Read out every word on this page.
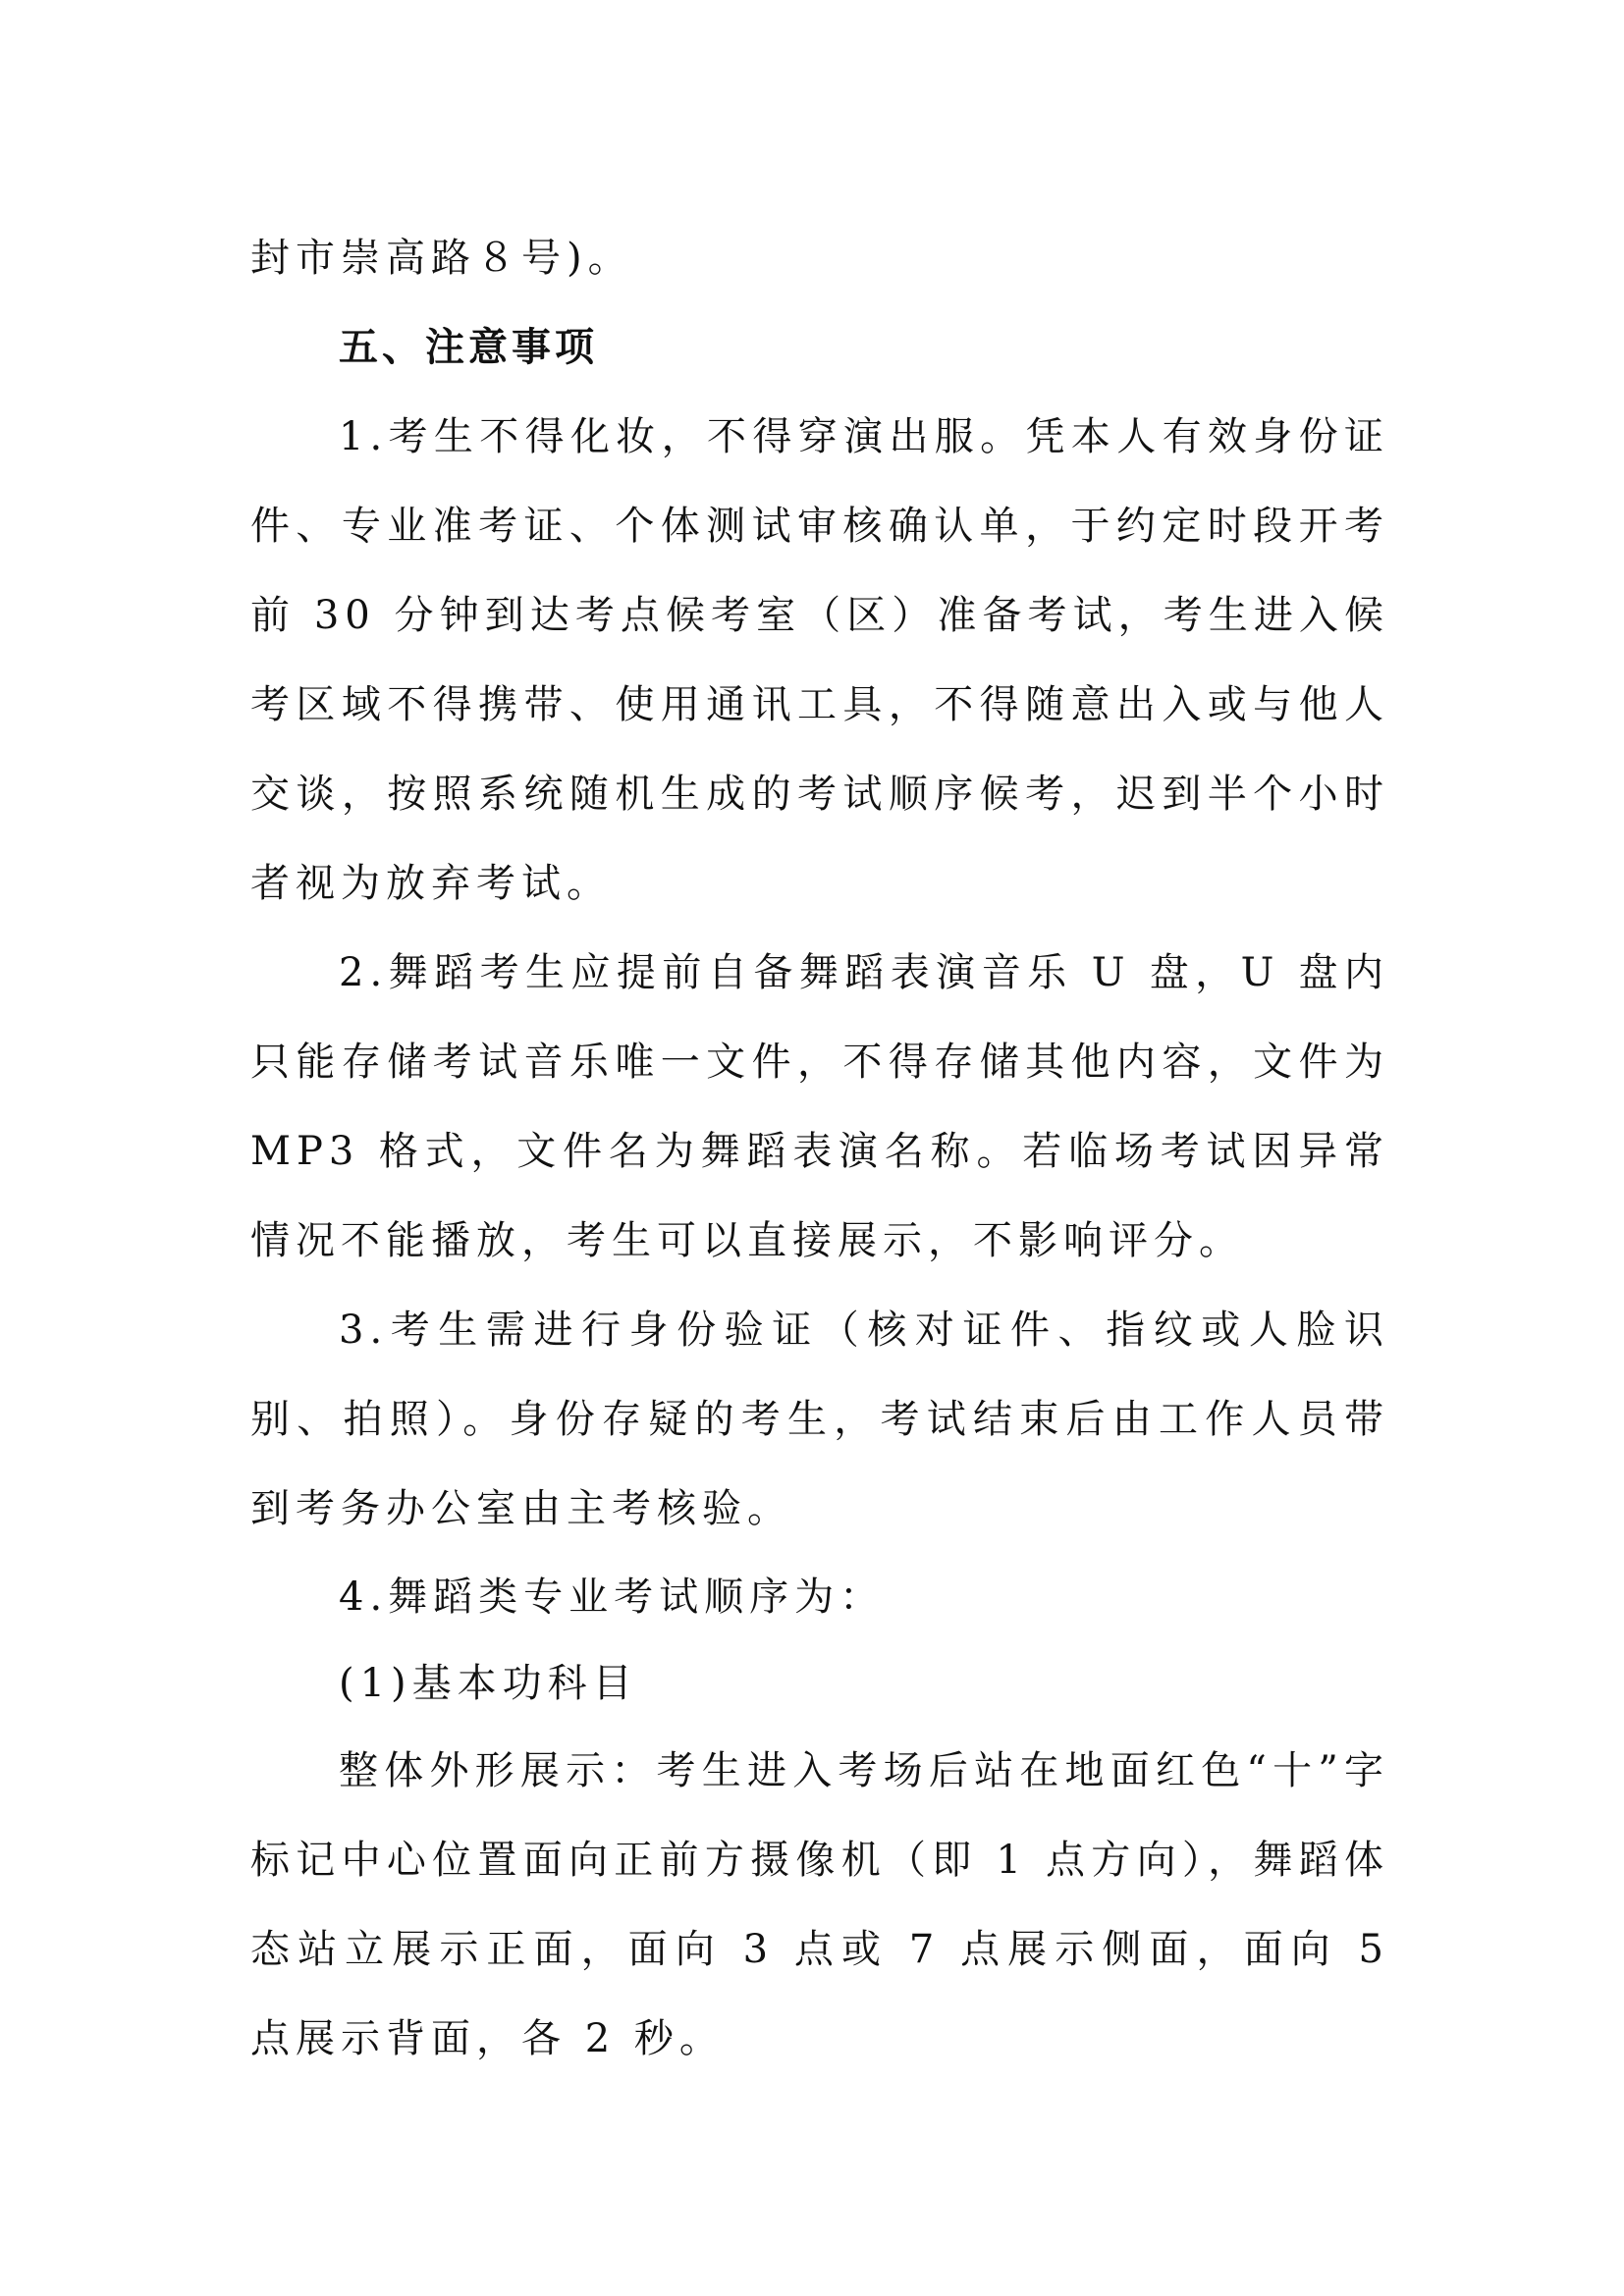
封市崇高路８号)。

五、注意事项

1.考生不得化妆，不得穿演出服。凭本人有效身份证件、专业准考证、个体测试审核确认单，于约定时段开考前 30 分钟到达考点候考室（区）准备考试，考生进入候考区域不得携带、使用通讯工具，不得随意出入或与他人交谈，按照系统随机生成的考试顺序候考，迟到半个小时者视为放弃考试。

2.舞蹈考生应提前自备舞蹈表演音乐 U 盘，U 盘内只能存储考试音乐唯一文件，不得存储其他内容，文件为 MP3 格式，文件名为舞蹈表演名称。若临场考试因异常情况不能播放，考生可以直接展示，不影响评分。

3.考生需进行身份验证（核对证件、指纹或人脸识别、拍照）。身份存疑的考生，考试结束后由工作人员带到考务办公室由主考核验。

4.舞蹈类专业考试顺序为：

(1)基本功科目

整体外形展示：考生进入考场后站在地面红色“十”字标记中心位置面向正前方摄像机（即 1 点方向），舞蹈体态站立展示正面，面向 3 点或 7 点展示侧面，面向 5 点展示背面，各 2 秒。
